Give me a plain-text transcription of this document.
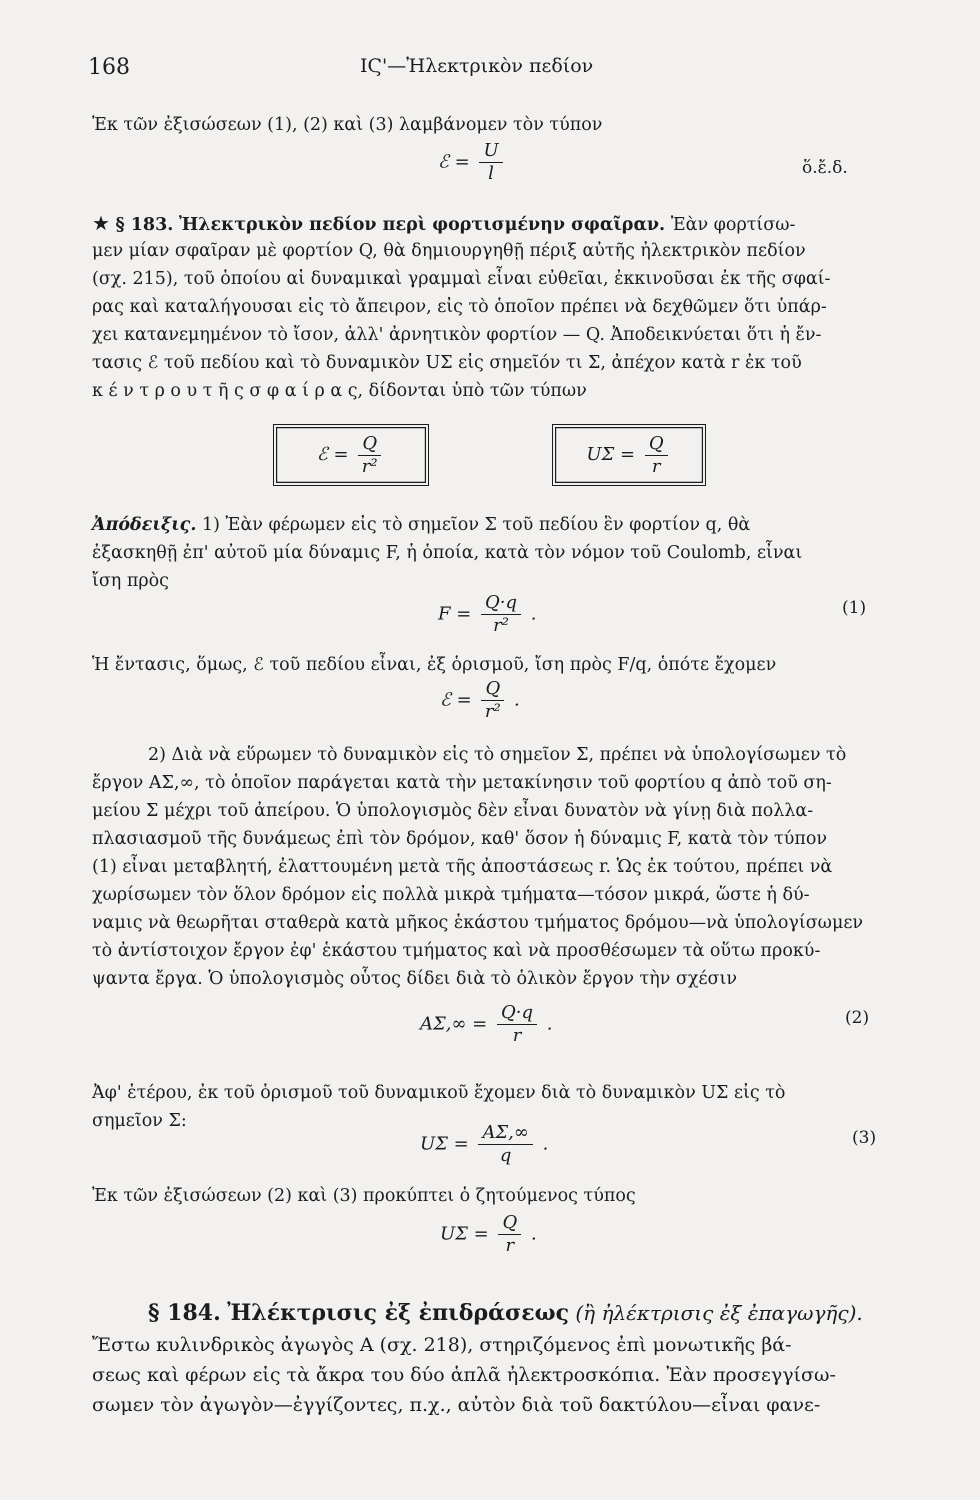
168	ΙϚ'—Ἠλεκτρικὸν πεδίον
Ἐκ τῶν ἐξισώσεων (1), (2) καὶ (3) λαμβάνομεν τὸν τύπον
ℰ = $\frac{U}{l}$	ὅ.ἔ.δ.
★ § 183. Ἠλεκτρικὸν πεδίον περὶ φορτισμένην σφαῖραν. Ἐὰν φορτίσω-
μεν μίαν σφαῖραν μὲ φορτίον Q, θὰ δημιουργηθῇ πέριξ αὐτῆς ἠλεκτρικὸν πεδίον
(σχ. 215), τοῦ ὁποίου αἱ δυναμικαὶ γραμμαὶ εἶναι εὐθεῖαι, ἐκκινοῦσαι ἐκ τῆς σφαί-
ρας καὶ καταλήγουσαι εἰς τὸ ἄπειρον, εἰς τὸ ὁποῖον πρέπει νὰ δεχθῶμεν ὅτι ὑπάρ-
χει κατανεμημένον τὸ ἴσον, ἀλλ' ἀρνητικὸν φορτίον — Q. Ἀποδεικνύεται ὅτι ἡ ἔν-
τασις ℰ τοῦ πεδίου καὶ τὸ δυναμικὸν UΣ εἰς σημεῖόν τι Σ, ἀπέχον κατὰ r ἐκ τοῦ
κ έ ν τ ρ ο υ τ ῆ ς σ φ α ί ρ α ς, δίδονται ὑπὸ τῶν τύπων
ℰ = $\frac{Q}{\text{r²}}$	$U\Sigma = \frac{Q}{r}$
Ἀπόδειξις. 1) Ἐὰν φέρωμεν εἰς τὸ σημεῖον Σ τοῦ πεδίου ἓν φορτίον q, θὰ
ἐξασκηθῇ ἐπ' αὐτοῦ μία δύναμις F, ἡ ὁποία, κατὰ τὸν νόμον τοῦ Coulomb, εἶναι
ἴση πρὸς
$F = \frac{Q\cdot q}{\text{r²}}$ .	(1)
Ἡ ἔντασις, ὅμως, ℰ τοῦ πεδίου εἶναι, ἐξ ὁρισμοῦ, ἴση πρὸς F/q, ὁπότε ἔχομεν
ℰ = $\frac{Q}{\text{r²}}$ .
2) Διὰ νὰ εὕρωμεν τὸ δυναμικὸν εἰς τὸ σημεῖον Σ, πρέπει νὰ ὑπολογίσωμεν τὸ
ἔργον AΣ,∞, τὸ ὁποῖον παράγεται κατὰ τὴν μετακίνησιν τοῦ φορτίου q ἀπὸ τοῦ ση-
μείου Σ μέχρι τοῦ ἀπείρου. Ὁ ὑπολογισμὸς δὲν εἶναι δυνατὸν νὰ γίνῃ διὰ πολλα-
πλασιασμοῦ τῆς δυνάμεως ἐπὶ τὸν δρόμον, καθ' ὅσον ἡ δύναμις F, κατὰ τὸν τύπον
(1) εἶναι μεταβλητή, ἐλαττουμένη μετὰ τῆς ἀποστάσεως r. Ὡς ἐκ τούτου, πρέπει νὰ
χωρίσωμεν τὸν ὅλον δρόμον εἰς πολλὰ μικρὰ τμήματα—τόσον μικρά, ὥστε ἡ δύ-
ναμις νὰ θεωρῆται σταθερὰ κατὰ μῆκος ἑκάστου τμήματος δρόμου—νὰ ὑπολογίσωμεν
τὸ ἀντίστοιχον ἔργον ἐφ' ἑκάστου τμήματος καὶ νὰ προσθέσωμεν τὰ οὕτω προκύ-
ψαντα ἔργα. Ὁ ὑπολογισμὸς οὗτος δίδει διὰ τὸ ὁλικὸν ἔργον τὴν σχέσιν
$A\Sigma,\infty = \frac{Q\cdot q}{r}$ .	(2)
Ἀφ' ἑτέρου, ἐκ τοῦ ὁρισμοῦ τοῦ δυναμικοῦ ἔχομεν διὰ τὸ δυναμικὸν UΣ εἰς τὸ
σημεῖον Σ:
$U\Sigma = \frac{A\Sigma,\infty}{q}$ .	(3)
Ἐκ τῶν ἐξισώσεων (2) καὶ (3) προκύπτει ὁ ζητούμενος τύπος
$U\Sigma = \frac{Q}{r}$ .
§ 184. Ἠλέκτρισις ἐξ ἐπιδράσεως (ἢ ἠλέκτρισις ἐξ ἐπαγωγῆς).
Ἔστω κυλινδρικὸς ἀγωγὸς A (σχ. 218), στηριζόμενος ἐπὶ μονωτικῆς βά-
σεως καὶ φέρων εἰς τὰ ἄκρα του δύο ἁπλᾶ ἠλεκτροσκόπια. Ἐὰν προσεγγίσω-
σωμεν τὸν ἀγωγὸν—ἐγγίζοντες, π.χ., αὐτὸν διὰ τοῦ δακτύλου—εἶναι φανε-
